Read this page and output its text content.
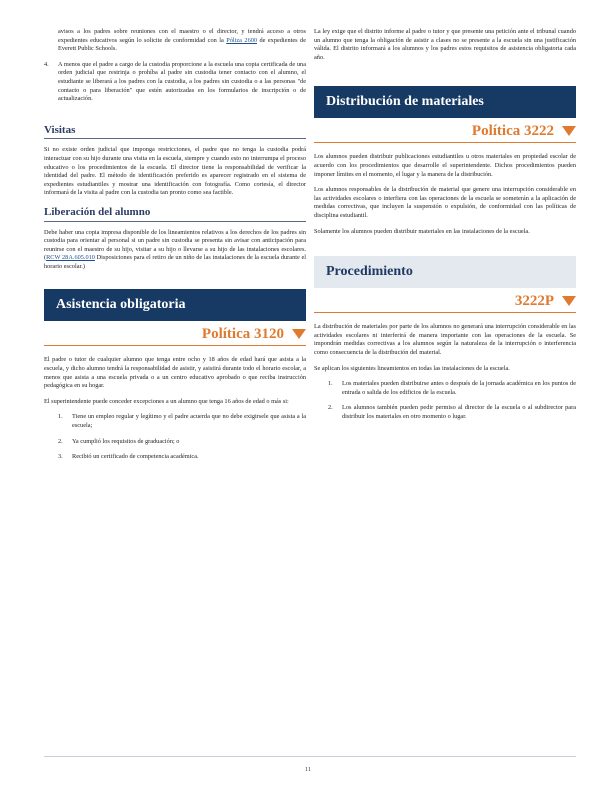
avisos a los padres sobre reuniones con el maestro o el director, y tendrá acceso a otros expedientes educativos según lo solicite de conformidad con la Póliza 2600 de expedientes de Everett Public Schools.

4.	A menos que el padre a cargo de la custodia proporcione a la escuela una copia certificada de una orden judicial que restrinja o prohíba al padre sin custodia tener contacto con el alumno, el estudiante se liberará a los padres con la custodia, a los padres sin custodia o a las personas "de contacto o para liberación" que estén autorizadas en los formularios de inscripción o de actualización.
Visitas

Si no existe orden judicial que imponga restricciones, el padre que no tenga la custodia podrá interactuar con su hijo durante una visita en la escuela, siempre y cuando esto no interrumpa el proceso educativo o los procedimientos de la escuela. El director tiene la responsabilidad de verificar la identidad del padre. El método de identificación preferido es aparecer registrado en el sistema de expedientes estudiantiles y mostrar una identificación con fotografía. Como cortesía, el director informará de la visita al padre con la custodia tan pronto como sea factible.

Liberación del alumno

Debe haber una copia impresa disponible de los lineamientos relativos a los derechos de los padres sin custodia para orientar al personal si un padre sin custodia se presenta sin avisar con anticipación para reunirse con el maestro de su hijo, visitar a su hijo o llevarse a su hijo de las instalaciones escolares. (RCW 28A.605.010 Disposiciones para el retiro de un niño de las instalaciones de la escuela durante el horario escolar.)

Asistencia obligatoria
Política 3120

El padre o tutor de cualquier alumno que tenga entre ocho y 18 años de edad hará que asista a la escuela, y dicho alumno tendrá la responsabilidad de asistir, y asistirá durante todo el horario escolar, a menos que asista a una escuela privada o a un centro educativo aprobado o que reciba instrucción pedagógica en su hogar.

El superintendente puede conceder excepciones a un alumno que tenga 16 años de edad o más si:

1.	Tiene un empleo regular y legítimo y el padre acuerda que no debe exigirsele que asista a la escuela;
2.	Ya cumplió los requisitos de graduación; o
3.	Recibió un certificado de competencia académica.

La ley exige que el distrito informe al padre o tutor y que presente una petición ante el tribunal cuando un alumno que tenga la obligación de asistir a clases no se presente a la escuela sin una justificación válida. El distrito informará a los alumnos y los padres estos requisitos de asistencia obligatoria cada año.

Distribución de materiales
Política 3222

Los alumnos pueden distribuir publicaciones estudiantiles u otros materiales en propiedad escolar de acuerdo con los procedimientos que desarrolle el superintendente. Dichos procedimientos pueden imponer límites en el momento, el lugar y la manera de la distribución.

Los alumnos responsables de la distribución de material que genere una interrupción considerable en las actividades escolares o interfiera con las operaciones de la escuela se someterán a la aplicación de medidas correctivas, que incluyen la suspensión o expulsión, de conformidad con las políticas de disciplina estudiantil.

Solamente los alumnos pueden distribuir materiales en las instalaciones de la escuela.

Procedimiento
3222P

La distribución de materiales por parte de los alumnos no generará una interrupción considerable en las actividades escolares ni interferirá de manera importante con las operaciones de la escuela. Se impondrán medidas correctivas a los alumnos según la naturaleza de la interrupción o interferencia como consecuencia de la distribución del material.

Se aplican los siguientes lineamientos en todas las instalaciones de la escuela.

1.	Los materiales pueden distribuirse antes o después de la jornada académica en los puntos de entrada o salida de los edificios de la escuela.
2.	Los alumnos también pueden pedir permiso al director de la escuela o al subdirector para distribuir los materiales en otro momento o lugar.
11
